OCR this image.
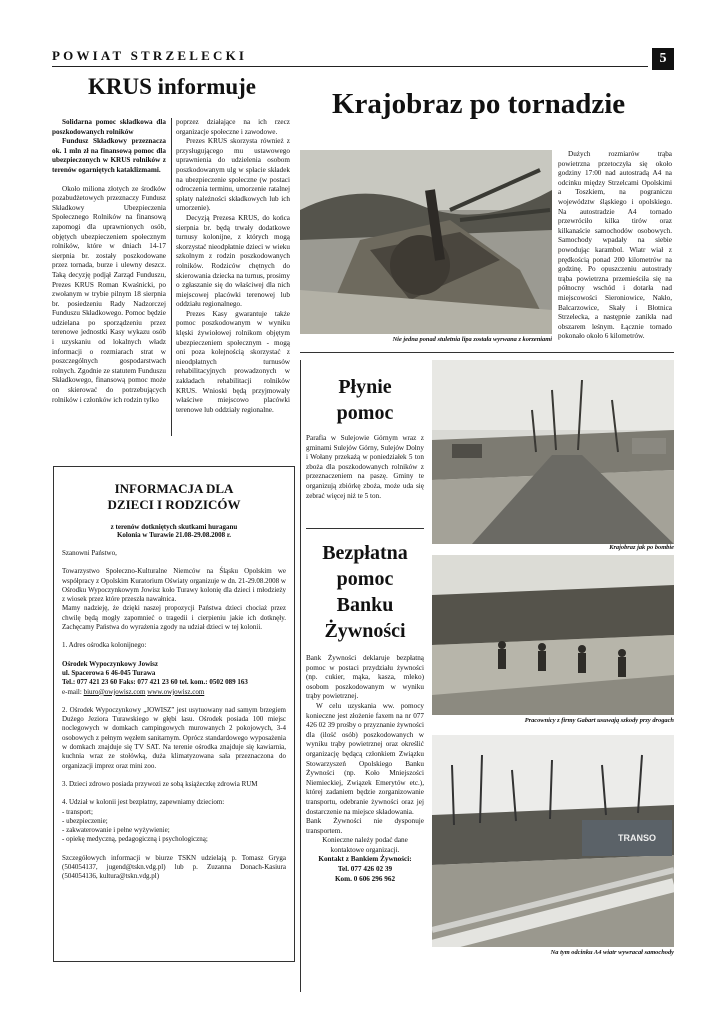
POWIAT STRZELECKI	5
KRUS informuje

Solidarna pomoc składkowa dla poszkodowanych rolników

Fundusz Składkowy przeznacza ok. 1 mln zł na finansową pomoc dla ubezpieczonych w KRUS rolników z terenów ogarniętych kataklizmami.

Około miliona złotych ze środków pozabudżetowych przeznaczy Fundusz Składkowy Ubezpieczenia Społecznego Rolników na finansową zapomogi dla uprawnionych osób, objętych ubezpieczeniem społecznym rolników, które w dniach 14-17 sierpnia br. zostały poszkodowane przez tornada, burze i ulewny deszcz. Taką decyzję podjął Zarząd Funduszu, Prezes KRUS Roman Kwaśnicki, po zwołanym w trybie pilnym 18 sierpnia br. posiedzeniu Rady Nadzorczej Funduszu Składkowego. Pomoc będzie udzielana po sporządzeniu przez terenowe jednostki Kasy wykazu osób i uzyskaniu od lokalnych władz informacji o rozmiarach strat w poszczególnych gospodarstwach rolnych. Zgodnie ze statutem Funduszu Składkowego, finansową pomoc może on skierować do potrzebujących rolników i członków ich rodzin tylko

poprzez działające na ich rzecz organizacje społeczne i zawodowe.

Prezes KRUS skorzysta również z przysługującego mu ustawowego uprawnienia do udzielenia osobom poszkodowanym ulg w spłacie składek na ubezpieczenie społeczne (w postaci odroczenia terminu, umorzenie ratalnej spłaty należności składkowych lub ich umorzenie).

Decyzją Prezesa KRUS, do końca sierpnia br. będą trwały dodatkowe turnusy kolonijne, z których mogą skorzystać nieodpłatnie dzieci w wieku szkolnym z rodzin poszkodowanych rolników. Rodziców chętnych do skierowania dziecka na turnus, prosimy o zgłaszanie się do właściwej dla nich miejscowej placówki terenowej lub oddziału regionalnego.

Prezes Kasy gwarantuje także pomoc poszkodowanym w wyniku klęski żywiołowej rolnikom objętym ubezpieczeniem społecznym - mogą oni poza kolejnością skorzystać z nieodpłatnych turnusów rehabilitacyjnych prowadzonych w zakładach rehabilitacji rolników KRUS. Wnioski będą przyjmowały właściwe miejscowo placówki terenowe lub oddziały regionalne.

INFORMACJA DLA
DZIECI I RODZICÓW
z terenów dotkniętych skutkami huraganu
Kolonia w Turawie 21.08-29.08.2008 r.

Szanowni Państwo,

Towarzystwo Społeczno-Kulturalne Niemców na Śląsku Opolskim we współpracy z Opolskim Kuratorium Oświaty organizuje w dn. 21-29.08.2008 w Ośrodku Wypoczynkowym Jowisz koło Turawy kolonię dla dzieci i młodzieży z wiosek przez które przeszła nawałnica.

Mamy nadzieję, że dzięki naszej propozycji Państwa dzieci chociaż przez chwilę będą mogły zapomnieć o tragedii i cierpieniu jakie ich dotknęły. Zachęcamy Państwa do wyrażenia zgody na udział dzieci w tej kolonii.

1. Adres ośrodka kolonijnego:

Ośrodek Wypoczynkowy Jowisz

ul. Spacerowa 6 46-045 Turawa

Tel.: 077 421 23 60 Faks: 077 421 23 60 tel. kom.: 0502 089 163

e-mail: biuro@owjowisz.com www.owjowisz.com

2. Ośrodek Wypoczynkowy „JOWISZ” jest usytuowany nad samym brzegiem Dużego Jeziora Turawskiego w głębi lasu. Ośrodek posiada 100 miejsc noclegowych w domkach campingowych murowanych 2 pokojowych, 3-4 osobowych z pełnym węzłem sanitarnym. Oprócz standardowego wyposażenia w domkach znajduje się TV SAT. Na terenie ośrodka znajduje się kawiarnia, kuchnia wraz ze stołówką, duża klimatyzowana sala przeznaczona do organizacji imprez oraz mini zoo.

3. Dzieci zdrowo posiada przywozi ze sobą książeczkę zdrowia RUM

4. Udział w kolonii jest bezpłatny, zapewniamy dzieciom:

- transport;

- ubezpieczenie;

- zakwaterowanie i pełne wyżywienie;

- opiekę medyczną, pedagogiczną i psychologiczną;

Szczegółowych informacji w biurze TSKN udzielają p. Tomasz Gryga (504054137, jugend@tskn.vdg.pl) lub p. Zuzanna Donach-Kasiura (504054136, kultura@tskn.vdg.pl)

Krajobraz po tornadzie
Nie jedna ponad stuletnia lipa została wyrwana z korzeniami

Dużych rozmiarów trąba powietrzna przetoczyła się około godziny 17:00 nad autostradą A4 na odcinku między Strzelcami Opolskimi a Toszkiem, na pograniczu województw śląskiego i opolskiego. Na autostradzie A4 tornado przewróciło kilka tirów oraz kilkanaście samochodów osobowych. Samochody wpadały na siebie powodując karambol. Wiatr wiał z prędkością ponad 200 kilometrów na godzinę. Po opuszczeniu autostrady trąba powietrzna przemieściła się na północny wschód i dotarła nad miejscowości Sieroniowice, Nakło, Balcarzowice, Skały i Błotnica Strzelecka, a następnie zanikła nad obszarem leśnym. Łącznie tornado pokonało około 6 kilometrów.

Płynie
pomoc

Parafia w Sulejowie Górnym wraz z gminami Sulejów Górny, Sulejów Dolny i Wołany przekażą w poniedziałek 5 ton zboża dla poszkodowanych rolników z przeznaczeniem na paszę. Gminy te organizują zbiórkę zboża, może uda się zebrać więcej niż te 5 ton.

Bezpłatna
pomoc
Banku
Żywności

Bank Żywności deklaruje bezpłatną pomoc w postaci przydziału żywności (np. cukier, mąka, kasza, mleko) osobom poszkodowanym w wyniku trąby powietrznej.

W celu uzyskania ww. pomocy konieczne jest złożenie faxem na nr 077 426 02 39 prośby o przyznanie żywności dla (ilość osób) poszkodowanych w wyniku trąby powietrznej oraz określić organizację będącą członkiem Związku Stowarzyszeń Opolskiego Banku Żywności (np. Koło Mniejszości Niemieckiej, Związek Emerytów etc.), której zadaniem będzie zorganizowanie transportu, odebranie żywności oraz jej dostarczenie na miejsce składowania.

Bank Żywności nie dysponuje transportem.

Konieczne należy podać dane kontaktowe organizacji.

Kontakt z Bankiem Żywności:

Tel. 077 426 02 39

Kom. 0 606 296 962

Krajobraz jak po bombie
Pracownicy z firmy Gabart usuwają szkody przy drogach
TRANSO
Na tym odcinku A4 wiatr wywracał samochody
